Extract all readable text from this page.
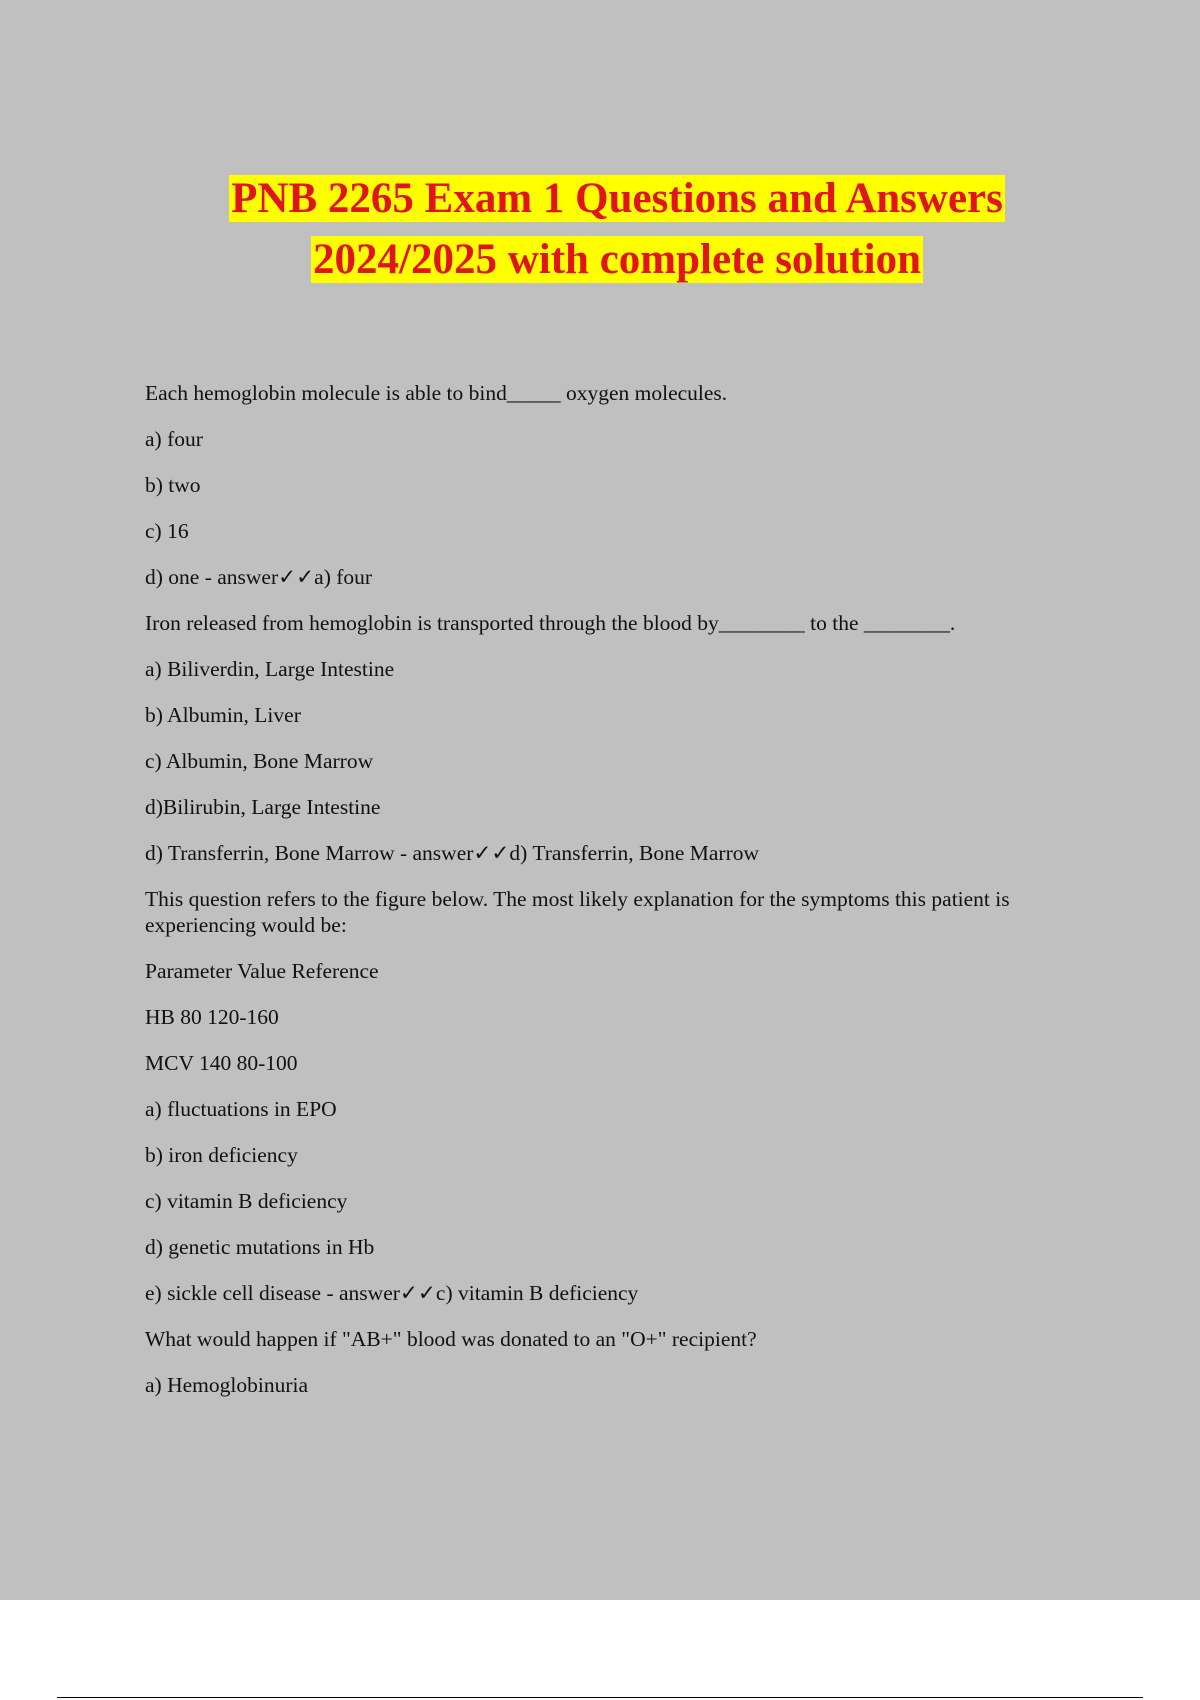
PNB 2265 Exam 1 Questions and Answers
2024/2025 with complete solution

Each hemoglobin molecule is able to bind_____ oxygen molecules.

a) four

b) two

c) 16

d) one - answer✓✓a) four

Iron released from hemoglobin is transported through the blood by________ to the ________.

a) Biliverdin, Large Intestine

b) Albumin, Liver

c) Albumin, Bone Marrow

d)Bilirubin, Large Intestine

d) Transferrin, Bone Marrow - answer✓✓d) Transferrin, Bone Marrow

This question refers to the figure below. The most likely explanation for the symptoms this patient is experiencing would be:

Parameter Value Reference

HB 80 120-160

MCV 140 80-100

a) fluctuations in EPO

b) iron deficiency

c) vitamin B deficiency

d) genetic mutations in Hb

e) sickle cell disease - answer✓✓c) vitamin B deficiency

What would happen if "AB+" blood was donated to an "O+" recipient?

a) Hemoglobinuria
